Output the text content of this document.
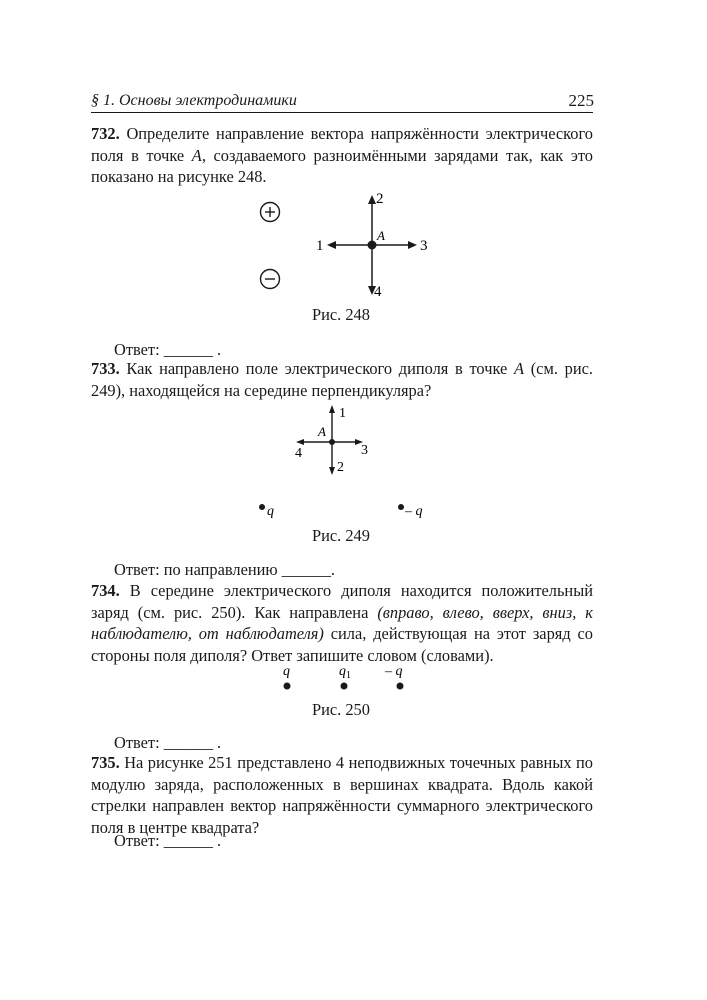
§ 1. Основы электродинамики	225

732. Определите направление вектора напряжённости электрического поля в точке A, создаваемого разноимёнными зарядами так, как это показано на рисунке 248.

A
1
2
3
4
Рис. 248
Ответ: ______ .

733. Как направлено поле электрического диполя в точке A (см. рис. 249), находящейся на середине перпендикуляра?

A
1
2
3
4
q	– q
Рис. 249
Ответ: по направлению ______.

734. В середине электрического диполя находится положительный заряд (см. рис. 250). Как направлена (вправо, влево, вверх, вниз, к наблюдателю, от наблюдателя) сила, действующая на этот заряд со стороны поля диполя? Ответ запишите словом (словами).

q	$q_1$ – q
Рис. 250
Ответ: ______ .

735. На рисунке 251 представлено 4 неподвижных точечных равных по модулю заряда, расположенных в вершинах квадрата. Вдоль какой стрелки направлен вектор напряжённости суммарного электрического поля в центре квадрата?

Ответ: ______ .
